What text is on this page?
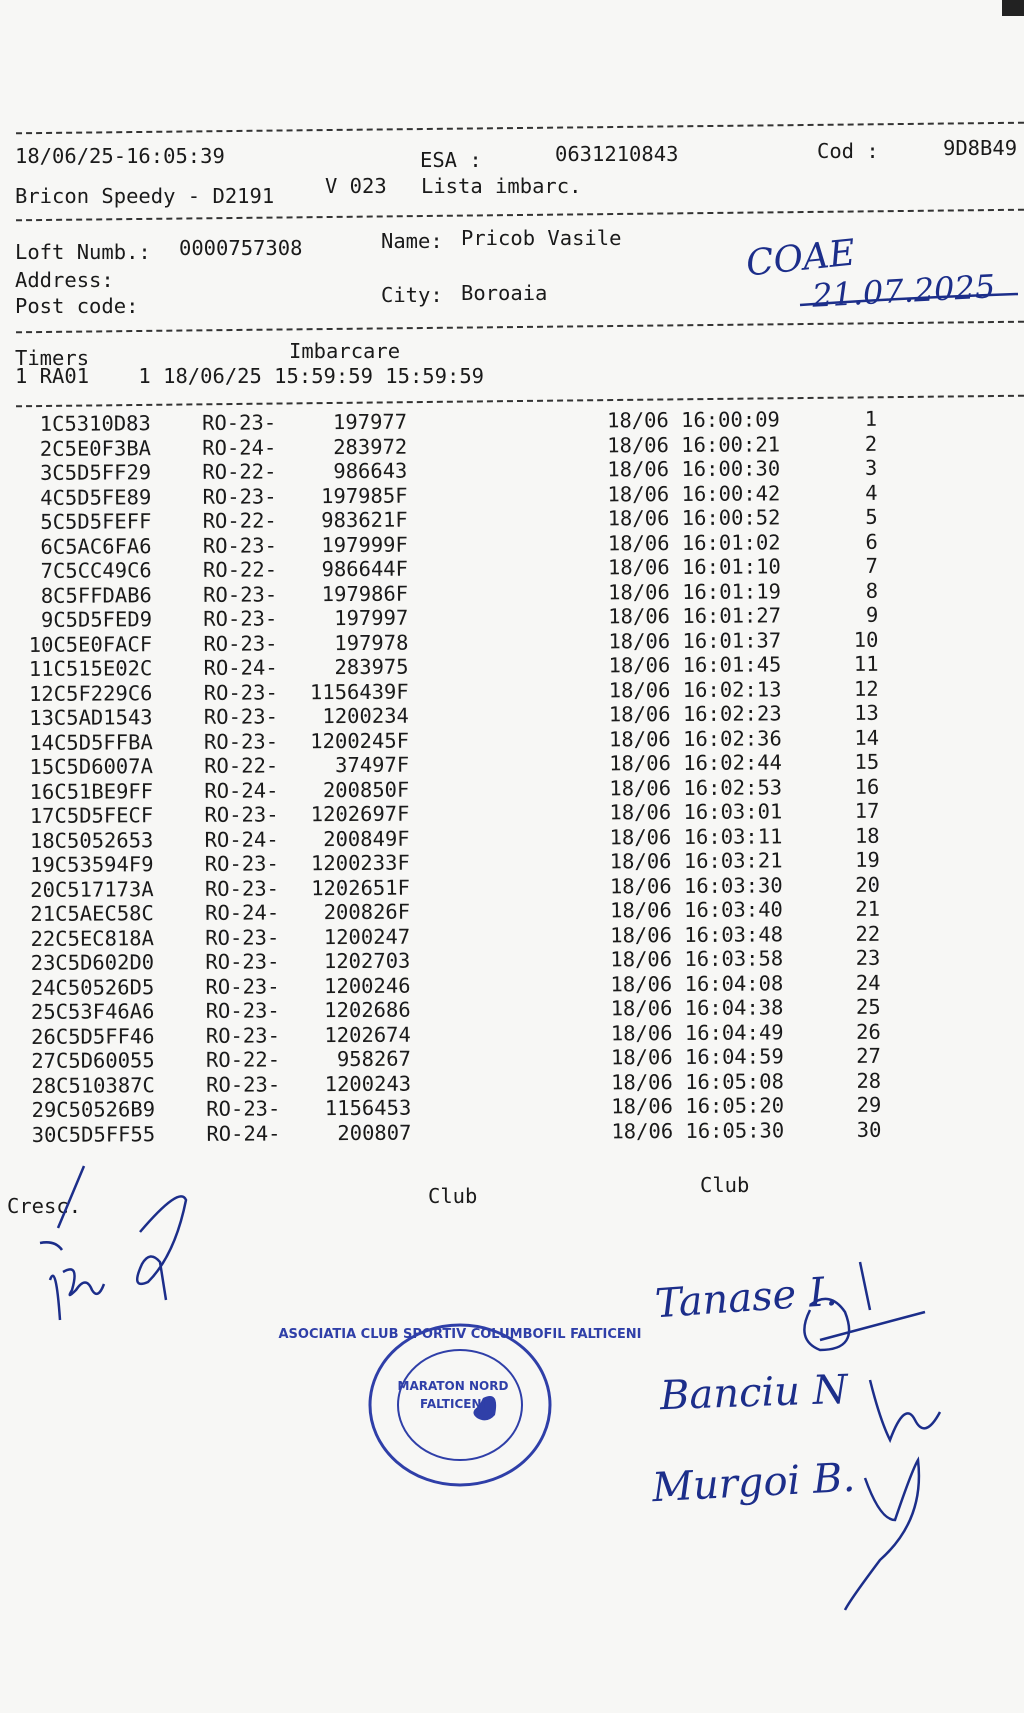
18/06/25-16:05:39	ESA :	0631210843	Cod :	9D8B49
Bricon Speedy - D2191 V 023 Lista imbarc.
Loft Numb.: 0000757308	Name: Pricob Vasile
Address:
Post code:	City: Boroaia
COAE
21.07.2025
Timers	Imbarcare
1 RA01    1 18/06/25 15:59:59 15:59:59
1	C5310D83	RO-23-	197977		18/06 16:00:09	1
2	C5E0F3BA	RO-24-	283972		18/06 16:00:21	2
3	C5D5FF29	RO-22-	986643		18/06 16:00:30	3
4	C5D5FE89	RO-23-	197985F		18/06 16:00:42	4
5	C5D5FEFF	RO-22-	983621F		18/06 16:00:52	5
6	C5AC6FA6	RO-23-	197999F		18/06 16:01:02	6
7	C5CC49C6	RO-22-	986644F		18/06 16:01:10	7
8	C5FFDAB6	RO-23-	197986F		18/06 16:01:19	8
9	C5D5FED9	RO-23-	197997		18/06 16:01:27	9
10	C5E0FACF	RO-23-	197978		18/06 16:01:37	10
11	C515E02C	RO-24-	283975		18/06 16:01:45	11
12	C5F229C6	RO-23-	1156439F		18/06 16:02:13	12
13	C5AD1543	RO-23-	1200234		18/06 16:02:23	13
14	C5D5FFBA	RO-23-	1200245F		18/06 16:02:36	14
15	C5D6007A	RO-22-	37497F		18/06 16:02:44	15
16	C51BE9FF	RO-24-	200850F		18/06 16:02:53	16
17	C5D5FECF	RO-23-	1202697F		18/06 16:03:01	17
18	C5052653	RO-24-	200849F		18/06 16:03:11	18
19	C53594F9	RO-23-	1200233F		18/06 16:03:21	19
20	C517173A	RO-23-	1202651F		18/06 16:03:30	20
21	C5AEC58C	RO-24-	200826F		18/06 16:03:40	21
22	C5EC818A	RO-23-	1200247		18/06 16:03:48	22
23	C5D602D0	RO-23-	1202703		18/06 16:03:58	23
24	C50526D5	RO-23-	1200246		18/06 16:04:08	24
25	C53F46A6	RO-23-	1202686		18/06 16:04:38	25
26	C5D5FF46	RO-23-	1202674		18/06 16:04:49	26
27	C5D60055	RO-22-	958267		18/06 16:04:59	27
28	C510387C	RO-23-	1200243		18/06 16:05:08	28
29	C50526B9	RO-23-	1156453		18/06 16:05:20	29
30	C5D5FF55	RO-24-	200807		18/06 16:05:30	30
Cresc.	Club	Club
ASOCIATIA CLUB SPORTIV COLUMBOFIL FALTICENI
MARATON NORD
FALTICENI
Tanase I.
Banciu N
Murgoi B.
